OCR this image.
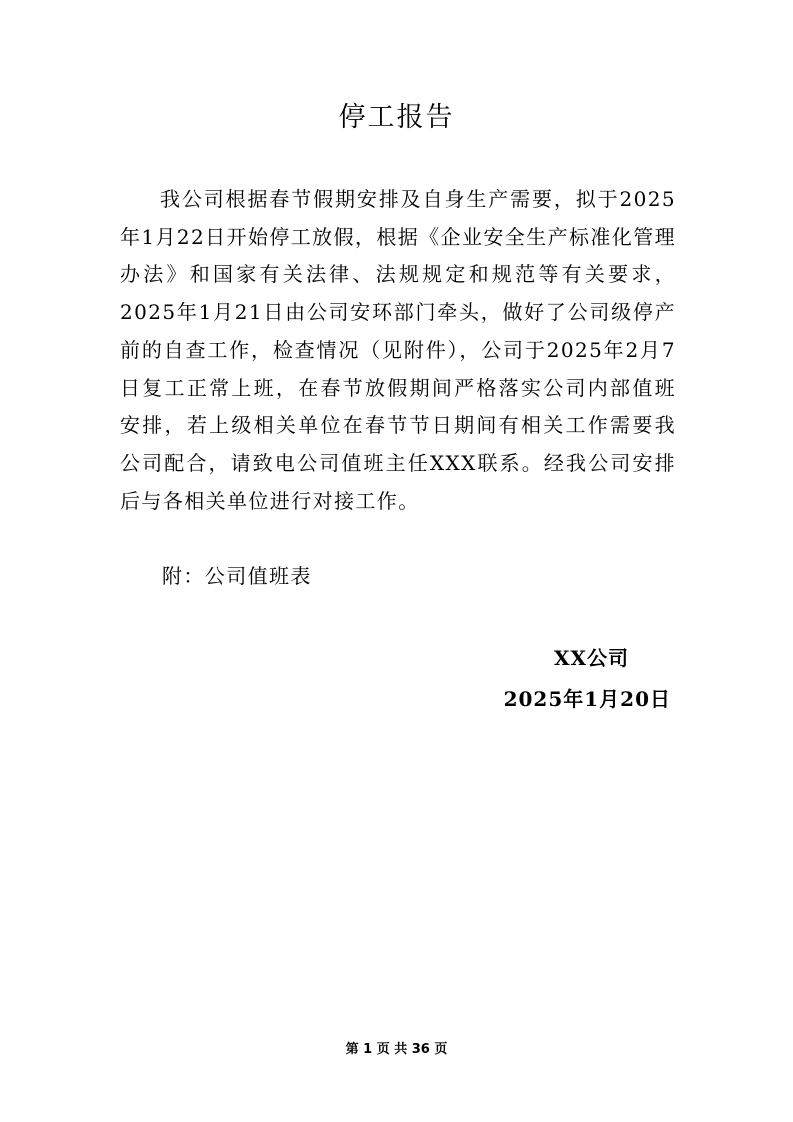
停工报告

我公司根据春节假期安排及自身生产需要，拟于2025年1月22日开始停工放假，根据《企业安全生产标准化管理办法》和国家有关法律、法规规定和规范等有关要求，2025年1月21日由公司安环部门牵头，做好了公司级停产前的自查工作，检查情况（见附件），公司于2025年2月7日复工正常上班，在春节放假期间严格落实公司内部值班安排，若上级相关单位在春节节日期间有相关工作需要我公司配合，请致电公司值班主任XXX联系。经我公司安排后与各相关单位进行对接工作。

附：公司值班表
XX公司
2025年1月20日
第 1 页 共 36 页
